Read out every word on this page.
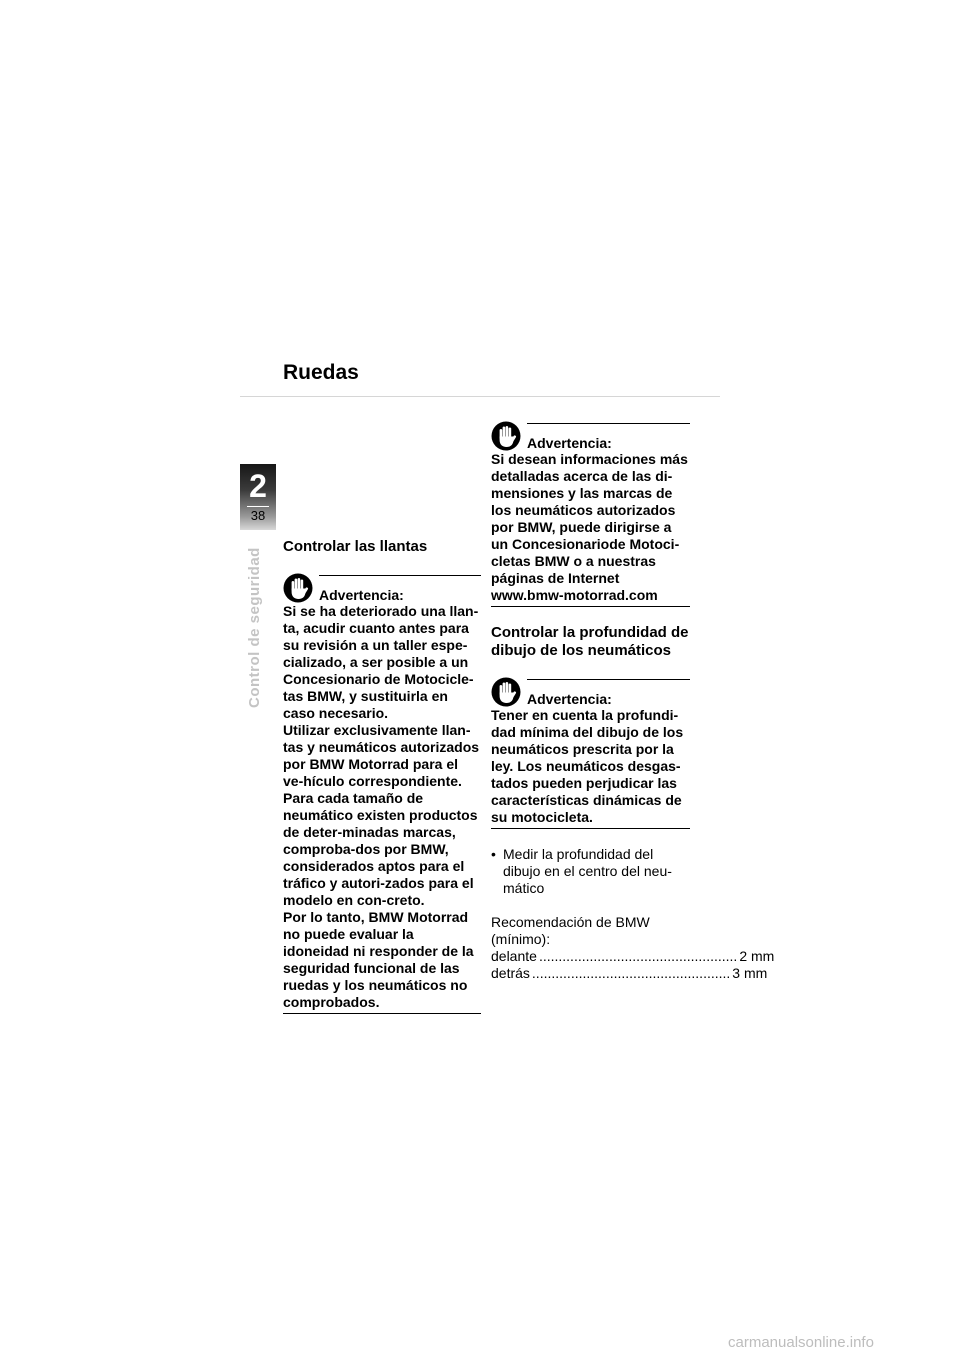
Ruedas
2
38
Control de seguridad
Controlar las llantas
Advertencia:
Si se ha deteriorado una llan-ta, acudir cuanto antes para su revisión a un taller espe-cializado, a ser posible a un Concesionario de Motocicle-tas BMW, y sustituirla en caso necesario.
Utilizar exclusivamente llan-tas y neumáticos autorizados por BMW Motorrad para el ve-hículo correspondiente. Para cada tamaño de neumático existen productos de deter-minadas marcas, comproba-dos por BMW, considerados aptos para el tráfico y autori-zados para el modelo en con-creto.
Por lo tanto, BMW Motorrad no puede evaluar la idoneidad ni responder de la seguridad funcional de las ruedas y los neumáticos no comprobados.
Advertencia:
Si desean informaciones más detalladas acerca de las di-mensiones y las marcas de los neumáticos autorizados por BMW, puede dirigirse a un Concesionariode Motoci-cletas BMW o a nuestras páginas de Internet www.bmw-motorrad.com
Controlar la profundidad de dibujo de los neumáticos
Advertencia:
Tener en cuenta la profundi-dad mínima del dibujo de los neumáticos prescrita por la ley. Los neumáticos desgas-tados pueden perjudicar las características dinámicas de su motocicleta.
• Medir la profundidad del dibujo en el centro del neu-mático
Recomendación de BMW (mínimo):
delante ................................................... 2 mm
detrás ................................................... 3 mm
carmanualsonline.info
